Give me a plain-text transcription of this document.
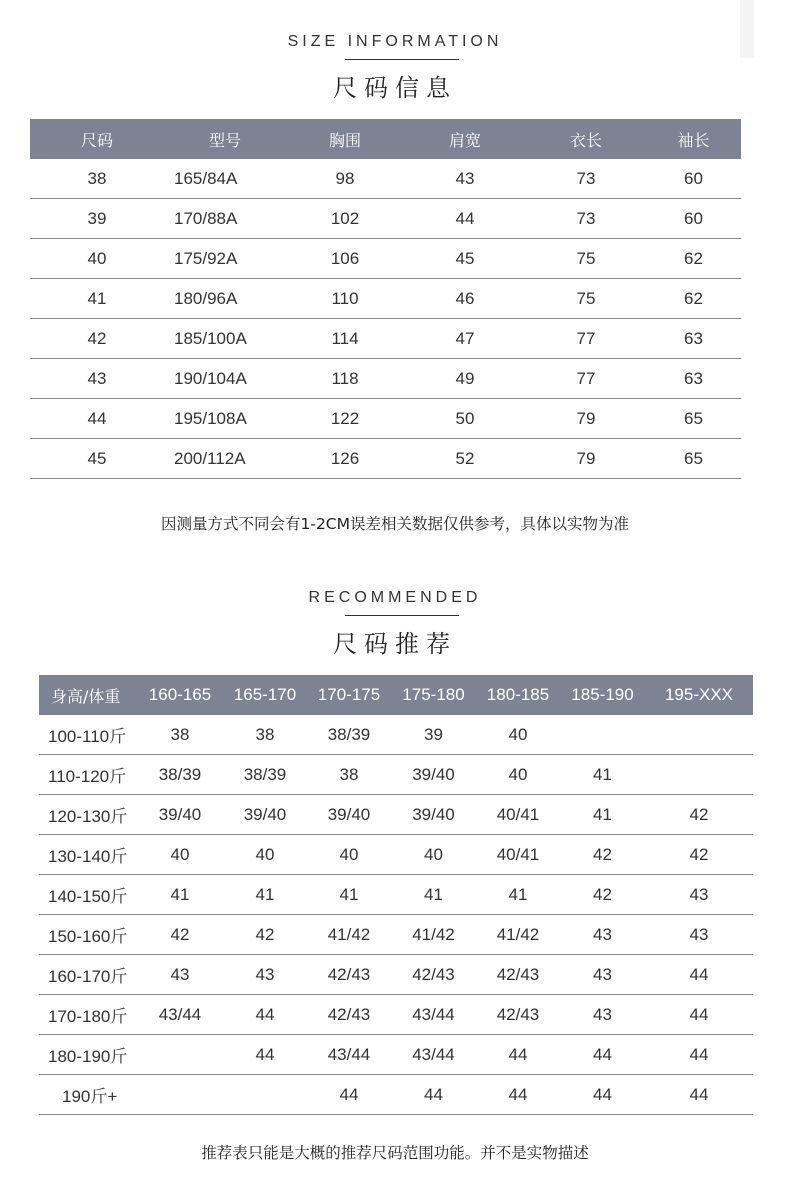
SIZE INFORMATION
尺码信息
尺码	型号	胸围	肩宽	衣长	袖长
38	165/84A	98	43	73	60
39	170/88A	102	44	73	60
40	175/92A	106	45	75	62
41	180/96A	110	46	75	62
42	185/100A	114	47	77	63
43	190/104A	118	49	77	63
44	195/108A	122	50	79	65
45	200/112A	126	52	79	65
因测量方式不同会有1-2CM误差相关数据仅供参考，具体以实物为准
RECOMMENDED
尺码推荐
身高/体重	160-165	165-170	170-175	175-180	180-185	185-190	195-XXX
100-110斤	38	38	38/39	39	40		
110-120斤	38/39	38/39	38	39/40	40	41	
120-130斤	39/40	39/40	39/40	39/40	40/41	41	42
130-140斤	40	40	40	40	40/41	42	42
140-150斤	41	41	41	41	41	42	43
150-160斤	42	42	41/42	41/42	41/42	43	43
160-170斤	43	43	42/43	42/43	42/43	43	44
170-180斤	43/44	44	42/43	43/44	42/43	43	44
180-190斤		44	43/44	43/44	44	44	44
190斤+			44	44	44	44	44
推荐表只能是大概的推荐尺码范围功能。并不是实物描述
